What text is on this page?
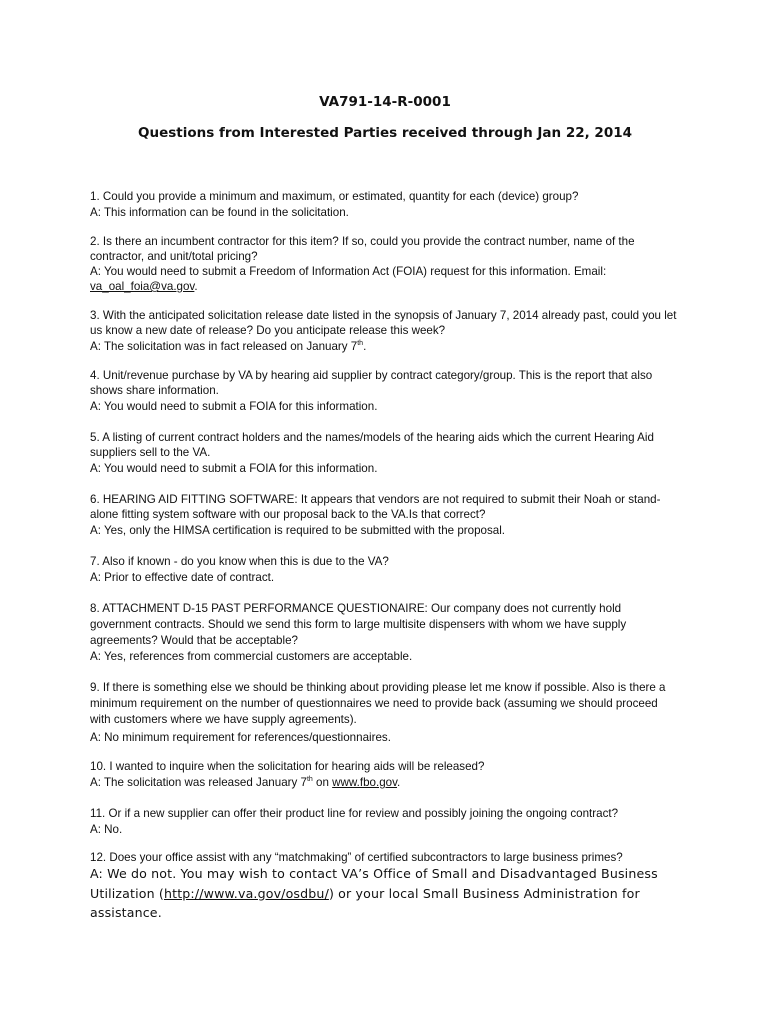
VA791-14-R-0001
Questions from Interested Parties received through Jan 22, 2014

1. Could you provide a minimum and maximum, or estimated, quantity for each (device) group?

A: This information can be found in the solicitation.

2. Is there an incumbent contractor for this item? If so, could you provide the contract number, name of the contractor, and unit/total pricing?

A: You would need to submit a Freedom of Information Act (FOIA) request for this information. Email:
va_oal_foia@va.gov.

3. With the anticipated solicitation release date listed in the synopsis of January 7, 2014 already past, could you let us know a new date of release? Do you anticipate release this week?

A: The solicitation was in fact released on January 7th.

4. Unit/revenue purchase by VA by hearing aid supplier by contract category/group. This is the report that also shows share information.

A: You would need to submit a FOIA for this information.

5. A listing of current contract holders and the names/models of the hearing aids which the current Hearing Aid suppliers sell to the VA.

A: You would need to submit a FOIA for this information.

6. HEARING AID FITTING SOFTWARE: It appears that vendors are not required to submit their Noah or stand-alone fitting system software with our proposal back to the VA.Is that correct?

A: Yes, only the HIMSA certification is required to be submitted with the proposal.

7. Also if known - do you know when this is due to the VA?

A: Prior to effective date of contract.

8. ATTACHMENT D-15 PAST PERFORMANCE QUESTIONAIRE: Our company does not currently hold government contracts. Should we send this form to large multisite dispensers with whom we have supply agreements? Would that be acceptable?

A: Yes, references from commercial customers are acceptable.

9. If there is something else we should be thinking about providing please let me know if possible. Also is there a minimum requirement on the number of questionnaires we need to provide back (assuming we should proceed with customers where we have supply agreements).

A: No minimum requirement for references/questionnaires.

10. I wanted to inquire when the solicitation for hearing aids will be released?

A: The solicitation was released January 7th on www.fbo.gov.

11. Or if a new supplier can offer their product line for review and possibly joining the ongoing contract?

A: No.

12. Does your office assist with any “matchmaking” of certified subcontractors to large business primes?

A: We do not. You may wish to contact VA’s Office of Small and Disadvantaged Business Utilization (http://www.va.gov/osdbu/) or your local Small Business Administration for assistance.
